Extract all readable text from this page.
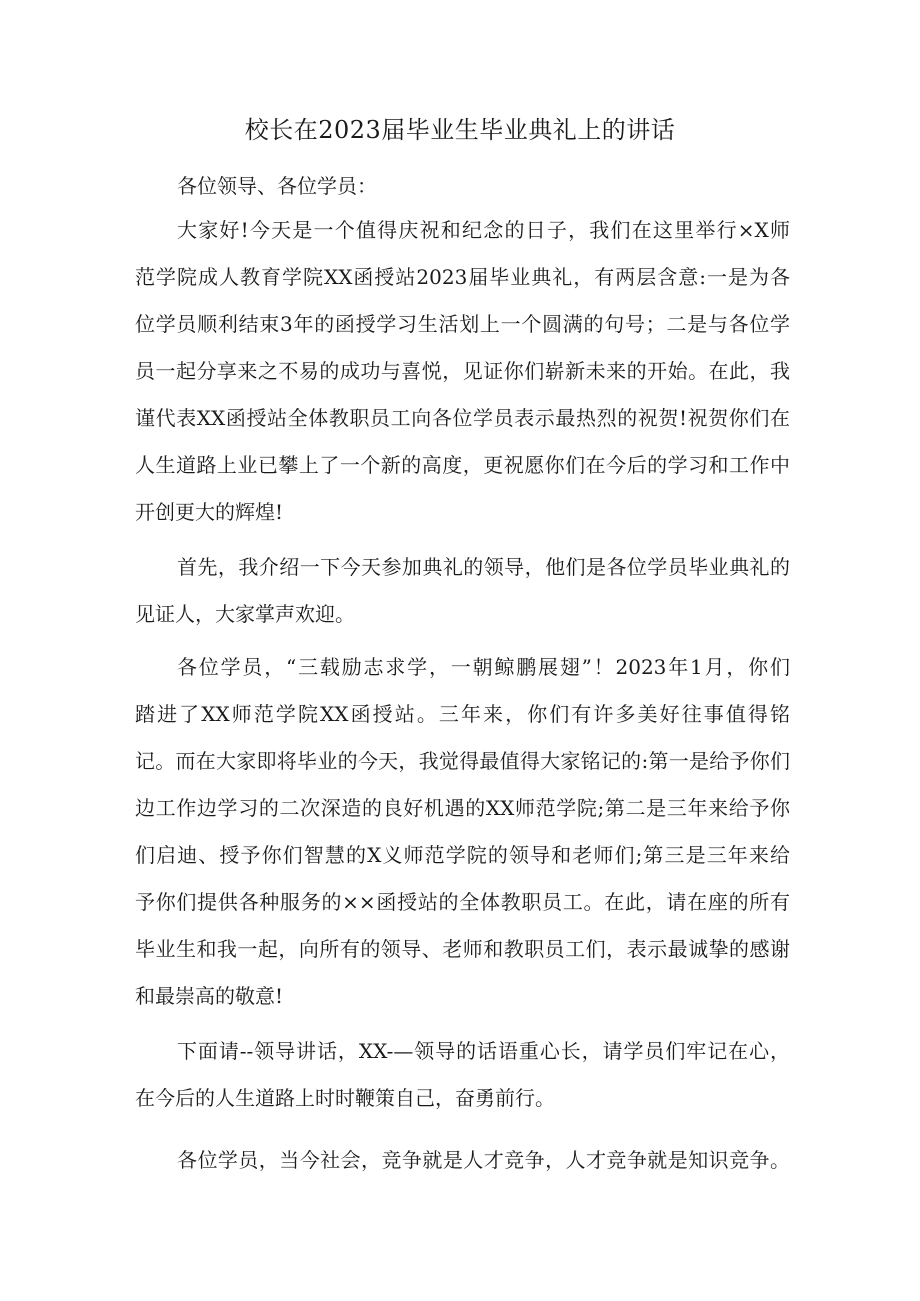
校长在2023届毕业生毕业典礼上的讲话

各位领导、各位学员：

大家好!今天是一个值得庆祝和纪念的日子，我们在这里举行×X师

范学院成人教育学院XX函授站2023届毕业典礼，有两层含意:一是为各

位学员顺利结束3年的函授学习生活划上一个圆满的句号；二是与各位学

员一起分享来之不易的成功与喜悦，见证你们崭新未来的开始。在此，我

谨代表XX函授站全体教职员工向各位学员表示最热烈的祝贺!祝贺你们在

人生道路上业已攀上了一个新的高度，更祝愿你们在今后的学习和工作中

开创更大的辉煌!

首先，我介绍一下今天参加典礼的领导，他们是各位学员毕业典礼的

见证人，大家掌声欢迎。

各位学员，“三载励志求学，一朝鲸鹏展翅”！2023年1月，你们

踏进了XX师范学院XX函授站。三年来，你们有许多美好往事值得铭

记。而在大家即将毕业的今天，我觉得最值得大家铭记的:第一是给予你们

边工作边学习的二次深造的良好机遇的XX师范学院;第二是三年来给予你

们启迪、授予你们智慧的X义师范学院的领导和老师们;第三是三年来给

予你们提供各种服务的××函授站的全体教职员工。在此，请在座的所有

毕业生和我一起，向所有的领导、老师和教职员工们，表示最诚挚的感谢

和最崇高的敬意!

下面请--领导讲话，XX-—领导的话语重心长，请学员们牢记在心，

在今后的人生道路上时时鞭策自己，奋勇前行。

各位学员，当今社会，竞争就是人才竞争，人才竞争就是知识竞争。
